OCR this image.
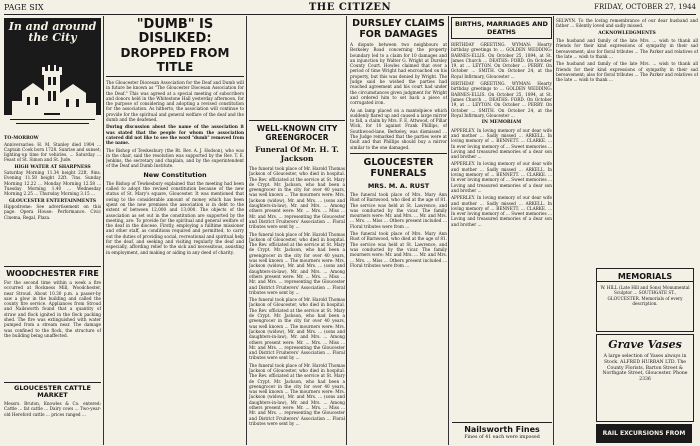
PAGE SIX	THE CITIZEN	FRIDAY, OCTOBER 27, 1944
In and around the City
TO-MORROW

Anniversaries: H. M. Stanley died 1904 ... Captain Cook born 1728. Sunrise and sunset; lighting-up time for vehicles. ... Saturday ... Feast of St. Simon and St. Jude.

HIGH WATER AT SHARPNESS

Saturday Morning 11.34 height 22ft. 9ins. Evening 11.58 height 22ft. 7ins. Sunday Morning 12.22 ... Monday Morning 12.58 ... Tuesday Morning 1.40 ... Wednesday Morning 2.25 ... Thursday Morning 3.15 ...

GLOUCESTER ENTERTAINMENTS

Hippodrome: See advertisement on this page. Opera House: Performance. Civic Cinema, Regal, Plaza.

WOODCHESTER FIRE

For the second time within a week a fire occurred at Rockness Mill, Woodchester, near Stroud. About 10.30 p.m. a passer-by saw a glow in the building and called the county fire service. Appliances from Stroud and Nailsworth found that a quantity of straw and flock ignited in the flock packing shed. The fire was extinguished with water pumped from a stream near. The damage was confined to the flock, the structure of the building being unaffected.

GLOUCESTER CATTLE MARKET

Messrs. Bruton, Knowles & Co. entered: Cattle ... fat cattle ... Dairy cows ... Two-year-old Hereford cattle ... prices ranged ...

"DUMB" IS DISLIKED:
DROPPED FROM TITLE

The Gloucester Diocesan Association for the Deaf and Dumb will in future be known as "The Gloucester Diocesan Association for the Deaf." This was agreed at a special meeting of subscribers and donors held in the Whitestone Hall yesterday afternoon, for the purpose of considering and adopting a revised constitution for the association. As hitherto, the association will continue to provide for the spiritual and general welfare of the deaf and the dumb and the deafened.

During discussion about the name of the association it was stated that the people for whom the association catered did not like to see the word "dumb" removed from the name.

The Bishop of Tewkesbury (the Rt. Rev. A. J. Hodson), who was in the chair, said the resolution was supported by the Rev. T. E. Jenkins, the secretary and chaplain, and by the superintendent of the Deaf and Dumb Institute.

New Constitution

The Bishop of Tewkesbury explained that the meeting had been called to adopt the revised constitution because of the new status of St. Mary's square, Gloucester. It was mentioned that owing to the considerable amount of money which has been spent on the new premises the association is in debt to the extent of between 12,000 and 13,000. The objects of the association as set out in the constitution are supported by the meeting, are: To provide for the spiritual and general welfare of the deaf in the diocese. Firstly, employing a fulltime missioner and other staff, as conditions required and permitted, to carry out the duties of providing social, recreational and spiritual help for the deaf, and seeking and visiting regularly the deaf and especially, affording relief to the sick and necessitous, assisting in employment, and making or aiding in any deed of charity.

WELL-KNOWN CITY GREENGROCER
Funeral Of Mr. H. T. Jackson

The funeral took place of Mr. Harold Thomas Jackson of Gloucester, who died in hospital. The Rev. officiated at the service at St. Mary de Crypt. Mr. Jackson, who had been a greengrocer in the city for over 40 years, was well known ... The mourners were: Mrs. Jackson (widow), Mr. and Mrs. ... (sons and daughters-in-law), Mr. and Mrs. ... Among others present were: Mr. ... Mrs. ... Miss ... Mr. and Mrs. ... representing the Gloucester and District Fruiterers' Association ... Floral tributes were sent by ...

The funeral took place of Mr. Harold Thomas Jackson of Gloucester, who died in hospital. The Rev. officiated at the service at St. Mary de Crypt. Mr. Jackson, who had been a greengrocer in the city for over 40 years, was well known ... The mourners were: Mrs. Jackson (widow), Mr. and Mrs. ... (sons and daughters-in-law), Mr. and Mrs. ... Among others present were: Mr. ... Mrs. ... Miss ... Mr. and Mrs. ... representing the Gloucester and District Fruiterers' Association ... Floral tributes were sent by ...

The funeral took place of Mr. Harold Thomas Jackson of Gloucester, who died in hospital. The Rev. officiated at the service at St. Mary de Crypt. Mr. Jackson, who had been a greengrocer in the city for over 40 years, was well known ... The mourners were: Mrs. Jackson (widow), Mr. and Mrs. ... (sons and daughters-in-law), Mr. and Mrs. ... Among others present were: Mr. ... Mrs. ... Miss ... Mr. and Mrs. ... representing the Gloucester and District Fruiterers' Association ... Floral tributes were sent by ...

The funeral took place of Mr. Harold Thomas Jackson of Gloucester, who died in hospital. The Rev. officiated at the service at St. Mary de Crypt. Mr. Jackson, who had been a greengrocer in the city for over 40 years, was well known ... The mourners were: Mrs. Jackson (widow), Mr. and Mrs. ... (sons and daughters-in-law), Mr. and Mrs. ... Among others present were: Mr. ... Mrs. ... Miss ... Mr. and Mrs. ... representing the Gloucester and District Fruiterers' Association ... Floral tributes were sent by ...

DURSLEY CLAIMS FOR DAMAGES

A dispute between two neighbours at Berkeley Road concerning the property boundary led to a claim for 10 damages and an injunction by Walter G. Wright at Dursley County Court. Howles claimed that over a period of time Wright had encroached on his property, but this was denied by Wright. The Judge said he wished the parties had reached agreement and his court had under the circumstances given judgment for Wright and ordered him to set back a piece of corrugated iron.

As an lamp placed on a mantelpiece which suddenly flared up and caused a large mirror to fall, a claim by Mrs. F. E. Attwood, of Pillar Wick, for 10 against Frank Phillips, of Southwood-lane, Berkeley, was dismissed ... The Judge remarked that the parties were at fault and that Phillips should buy a mirror similar to the one damaged.

GLOUCESTER FUNERALS
MRS. M. A. RUST

The funeral took place of Mrs. Mary Ann Rust of Barnwood, who died at the age of 81. The service was held at St. Lawrence, and was conducted by the vicar. The family mourners were: Mr. and Mrs. ... Mr. and Mrs. ... Mrs. ... Miss ... Others present included ... Floral tributes were from ...

The funeral took place of Mrs. Mary Ann Rust of Barnwood, who died at the age of 81. The service was held at St. Lawrence, and was conducted by the vicar. The family mourners were: Mr. and Mrs. ... Mr. and Mrs. ... Mrs. ... Miss ... Others present included ... Floral tributes were from ...

BIRTHS, MARRIAGES AND DEATHS

BIRTHDAY GREETING. WYMAN: Hearty birthday greetings to ... GOLDEN WEDDING: BARNES-ELLIS. On October 25, 1894, at St. James Church ... DEATHS: FORD. On October 19, at ... LEYTON. On October ... PERRY. On October ... SMITH. On October 24, at the Royal Infirmary, Gloucester ...

BIRTHDAY GREETING. WYMAN: Hearty birthday greetings to ... GOLDEN WEDDING: BARNES-ELLIS. On October 25, 1894, at St. James Church ... DEATHS: FORD. On October 19, at ... LEYTON. On October ... PERRY. On October ... SMITH. On October 24, at the Royal Infirmary, Gloucester ...

IN MEMORIAM

APPERLEY. In loving memory of our dear wife and mother ... Sadly missed ... ARKELL. In loving memory of ... BENNETT. ... CLARKE. ... In ever loving memory of ... Sweet memories ... Loving and treasured memories of a dear son and brother ...

APPERLEY. In loving memory of our dear wife and mother ... Sadly missed ... ARKELL. In loving memory of ... BENNETT. ... CLARKE. ... In ever loving memory of ... Sweet memories ... Loving and treasured memories of a dear son and brother ...

APPERLEY. In loving memory of our dear wife and mother ... Sadly missed ... ARKELL. In loving memory of ... BENNETT. ... CLARKE. ... In ever loving memory of ... Sweet memories ... Loving and treasured memories of a dear son and brother ...

SELWYN. To the loving remembrance of our dear husband and father ... Silently loved and sadly missed.

ACKNOWLEDGMENTS

The husband and family of the late Mrs. ... wish to thank all friends for their kind expressions of sympathy in their sad bereavement; also for floral tributes ... The Parker and relatives of the late ... wish to thank ...

The husband and family of the late Mrs. ... wish to thank all friends for their kind expressions of sympathy in their sad bereavement; also for floral tributes ... The Parker and relatives of the late ... wish to thank ...

MEMORIALS

W. HILL (Late Hill and Sons) Monumental Sculptor ... SOUTHGATE ST., GLOUCESTER. Memorials of every description.

Grave Vases

A large selection of Vases always in Stock. ALFRED HURRAN LTD. The County Florists, Barton Street & Northgate Street, Gloucester. Phone 2336

Nailsworth Fines

Fines of 41 each were imposed

RAIL EXCURSIONS FROM
